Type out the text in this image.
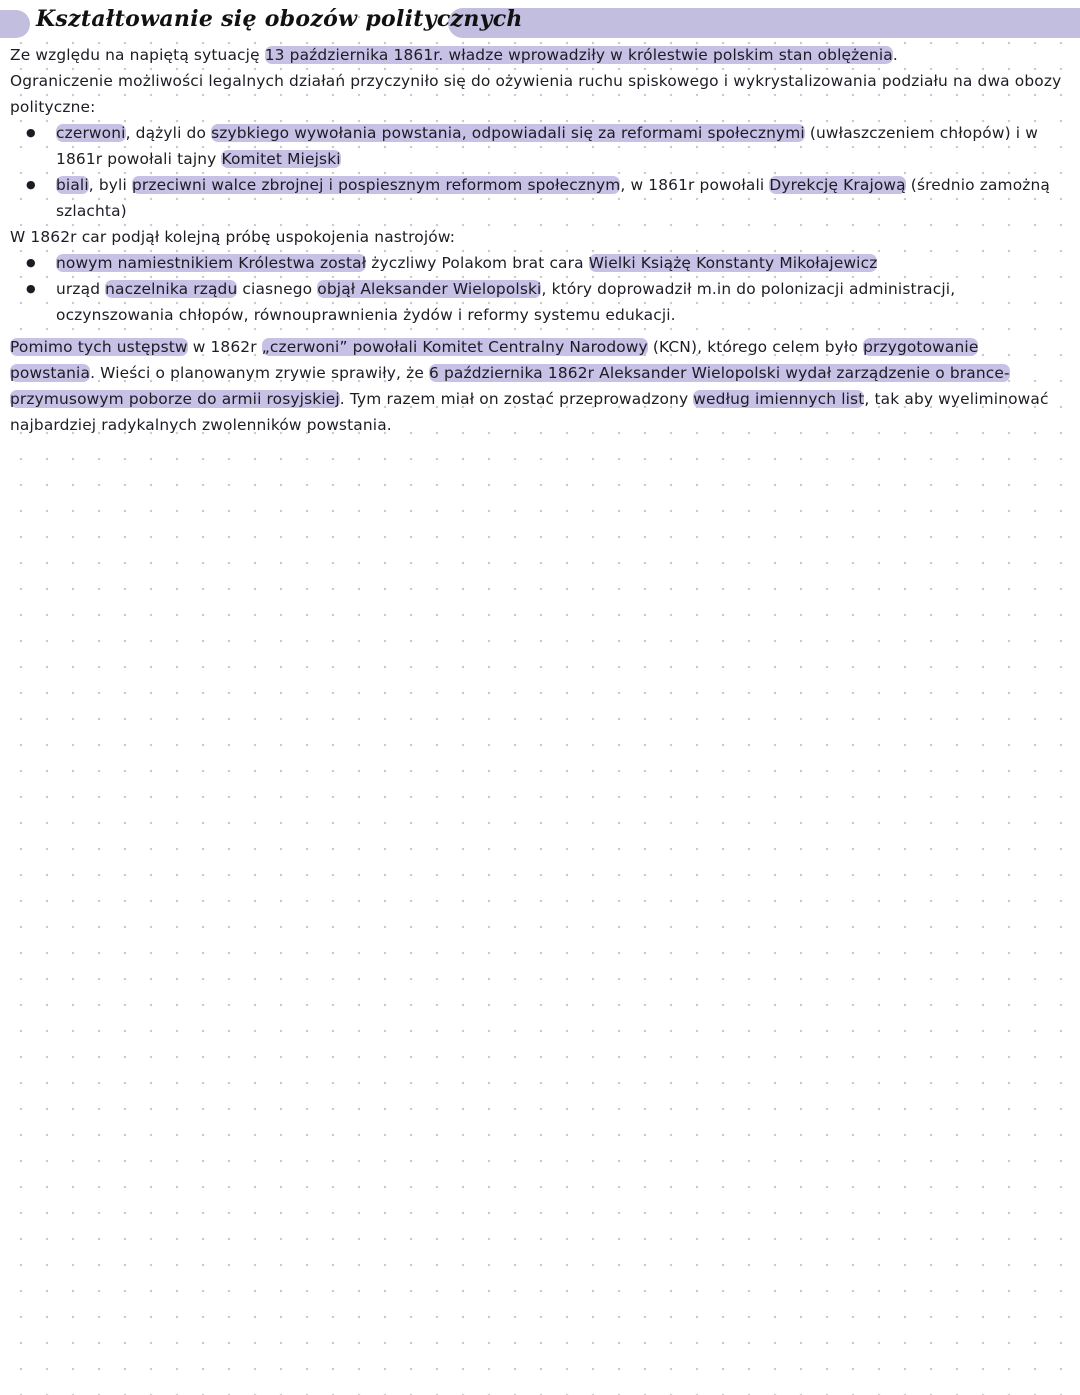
Kształtowanie się obozów politycznych

Ze względu na napiętą sytuację 13 października 1861r. władze wprowadziły w królestwie polskim stan oblężenia.

Ograniczenie możliwości legalnych działań przyczyniło się do ożywienia ruchu spiskowego i wykrystalizowania podziału na dwa obozy polityczne:

● czerwoni, dążyli do szybkiego wywołania powstania, odpowiadali się za reformami społecznymi (uwłaszczeniem chłopów) i w 1861r powołali tajny Komitet Miejski
● biali, byli przeciwni walce zbrojnej i pospiesznym reformom społecznym, w 1861r powołali Dyrekcję Krajową (średnio zamożną szlachta)

W 1862r car podjął kolejną próbę uspokojenia nastrojów:

● nowym namiestnikiem Królestwa został życzliwy Polakom brat cara Wielki Książę Konstanty Mikołajewicz
● urząd naczelnika rządu ciasnego objął Aleksander Wielopolski, który doprowadził m.in do polonizacji administracji, oczynszowania chłopów, równouprawnienia żydów i reformy systemu edukacji.

Pomimo tych ustępstw w 1862r „czerwoni” powołali Komitet Centralny Narodowy (KCN), którego celem było przygotowanie powstania. Wieści o planowanym zrywie sprawiły, że 6 października 1862r Aleksander Wielopolski wydał zarządzenie o brance-przymusowym poborze do armii rosyjskiej. Tym razem miał on zostać przeprowadzony według imiennych list, tak aby wyeliminować najbardziej radykalnych zwolenników powstania.
